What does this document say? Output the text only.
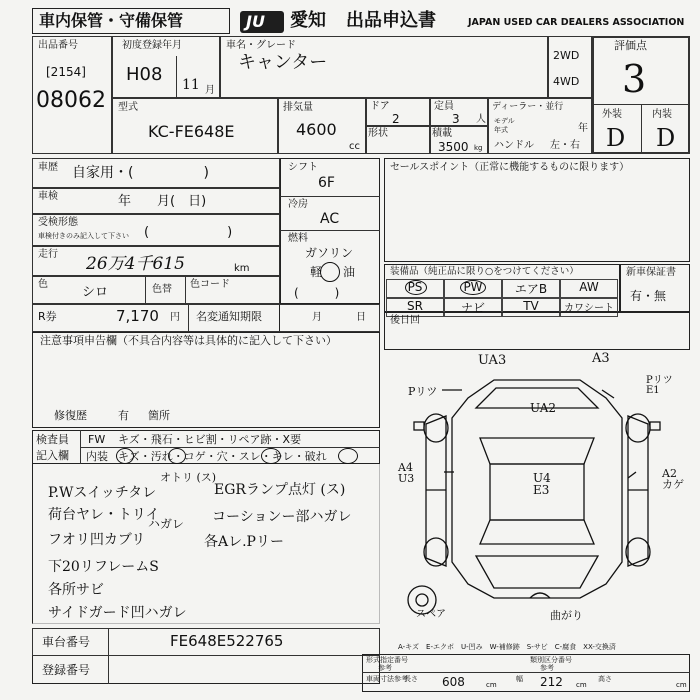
車内保管・守備保管	JU 愛知 出品申込書	JAPAN USED CAR DEALERS ASSOCIATION
出品番号
[2154]
08062
初度登録年月
H08 11 月
車名・グレード
キャンター	2WD
4WD
評価点
3
外装	内装
D D
型式
KC-FE648E
排気量
4600
cc
ドア
2
定員
3 人
形状	積載
3500 kg
ディーラー・並行
モデル
年式	年
ハンドル 左・右
車歴 自家用・(　　　　　)
車検	年　　月(　日)
受検形態
車検付きのみ記入して下さい (　　　　　　)
走行 26万4千615	km
色
シロ	色替 色コード
R券	7,170 円 名変通知期限	月	日
シフト
6F
冷房
AC
燃料
ガソリン
軽 油
(　　　)
セールスポイント（正常に機能するものに限ります）
装備品（純正品に限り○をつけてください）
PS	PW	エアB	AW
SR	ナビ	TV	カワシート
新車保証書
有・無
注意事項申告欄（不具合内容等は具体的に記入して下さい）
修復歴	有 箇所
後日回
検査員
記入欄
FW キズ・飛石・ヒビ割・リペア跡・X要
内装 キズ・汚れ・コゲ・穴・スレ・キレ・破れ
オトリ (ス)
EGRランプ点灯 (ス)
P.Wスイッチタレ
荷台ヤレ・トリイ
ハガレ コーションー部ハガレ
フオリ凹カブリ	各Aレ.Pリー
下20リフレームS
各所サビ
サイドガード凹ハガレ
UA3	A3
Pリツ
Pリツ E1
UA2
A4 U3	U4 E3
A2 カゲ
スペア	曲がり
A-キズ　E-エクボ　U-凹み　W-補修跡　S-サビ　C-腐食　XX-交換済
車台番号	FE648E522765
登録番号
形式指定番号
参考
類別区分番号
参考
車両寸法参考
長さ 608	cm
幅 212 cm
高さ
cm
